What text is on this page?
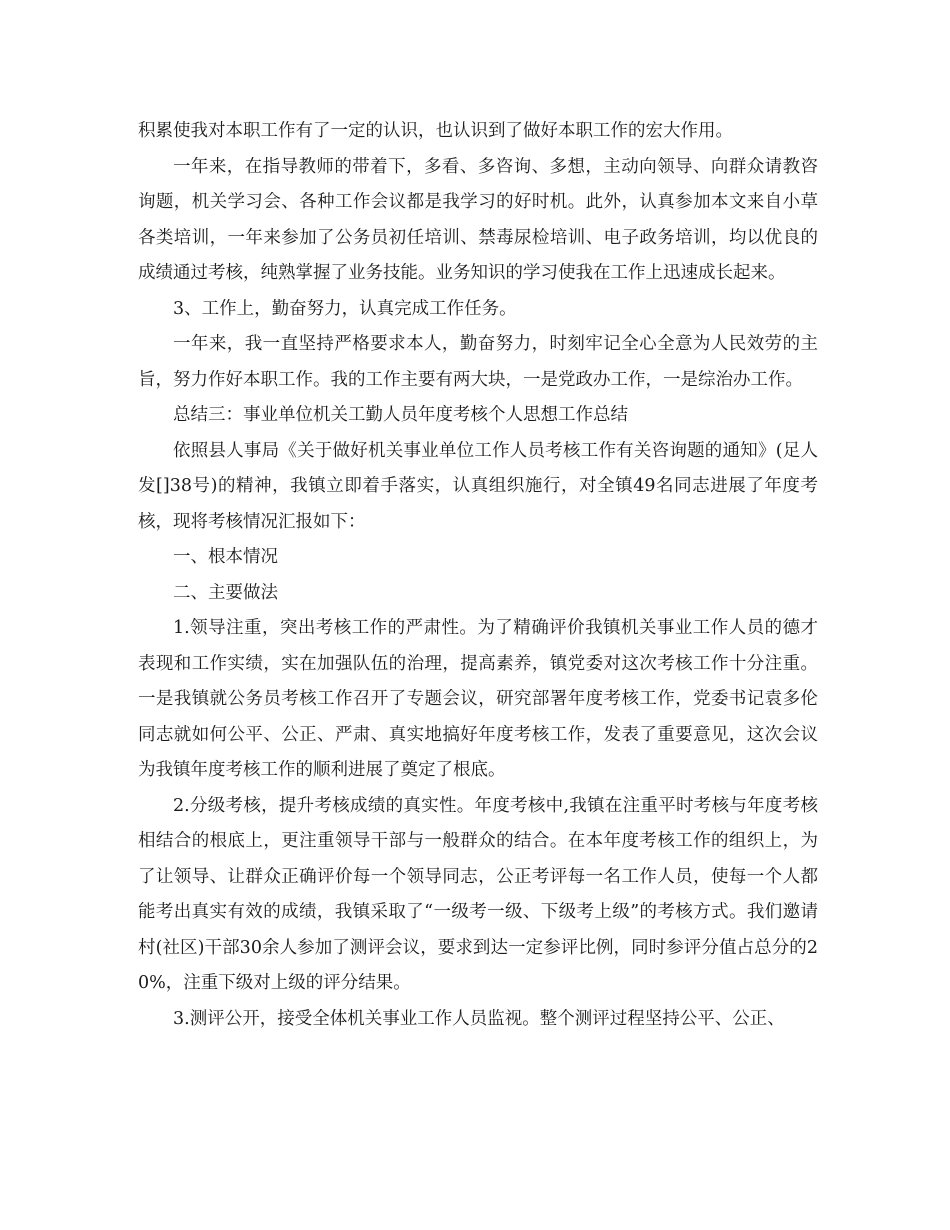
积累使我对本职工作有了一定的认识，也认识到了做好本职工作的宏大作用。

一年来，在指导教师的带着下，多看、多咨询、多想，主动向领导、向群众请教咨询题，机关学习会、各种工作会议都是我学习的好时机。此外，认真参加本文来自小草各类培训，一年来参加了公务员初任培训、禁毒尿检培训、电子政务培训，均以优良的成绩通过考核，纯熟掌握了业务技能。业务知识的学习使我在工作上迅速成长起来。

3、工作上，勤奋努力，认真完成工作任务。

一年来，我一直坚持严格要求本人，勤奋努力，时刻牢记全心全意为人民效劳的主旨，努力作好本职工作。我的工作主要有两大块，一是党政办工作，一是综治办工作。

总结三：事业单位机关工勤人员年度考核个人思想工作总结

依照县人事局《关于做好机关事业单位工作人员考核工作有关咨询题的通知》(足人发[]38号)的精神，我镇立即着手落实，认真组织施行，对全镇49名同志进展了年度考核，现将考核情况汇报如下：

一、根本情况

二、主要做法

1.领导注重，突出考核工作的严肃性。为了精确评价我镇机关事业工作人员的德才表现和工作实绩，实在加强队伍的治理，提高素养，镇党委对这次考核工作十分注重。一是我镇就公务员考核工作召开了专题会议，研究部署年度考核工作，党委书记袁多伦同志就如何公平、公正、严肃、真实地搞好年度考核工作，发表了重要意见，这次会议为我镇年度考核工作的顺利进展了奠定了根底。

2.分级考核，提升考核成绩的真实性。年度考核中,我镇在注重平时考核与年度考核相结合的根底上，更注重领导干部与一般群众的结合。在本年度考核工作的组织上，为了让领导、让群众正确评价每一个领导同志，公正考评每一名工作人员，使每一个人都能考出真实有效的成绩，我镇采取了“一级考一级、下级考上级”的考核方式。我们邀请村(社区)干部30余人参加了测评会议，要求到达一定参评比例，同时参评分值占总分的20%，注重下级对上级的评分结果。

3.测评公开，接受全体机关事业工作人员监视。整个测评过程坚持公平、公正、
